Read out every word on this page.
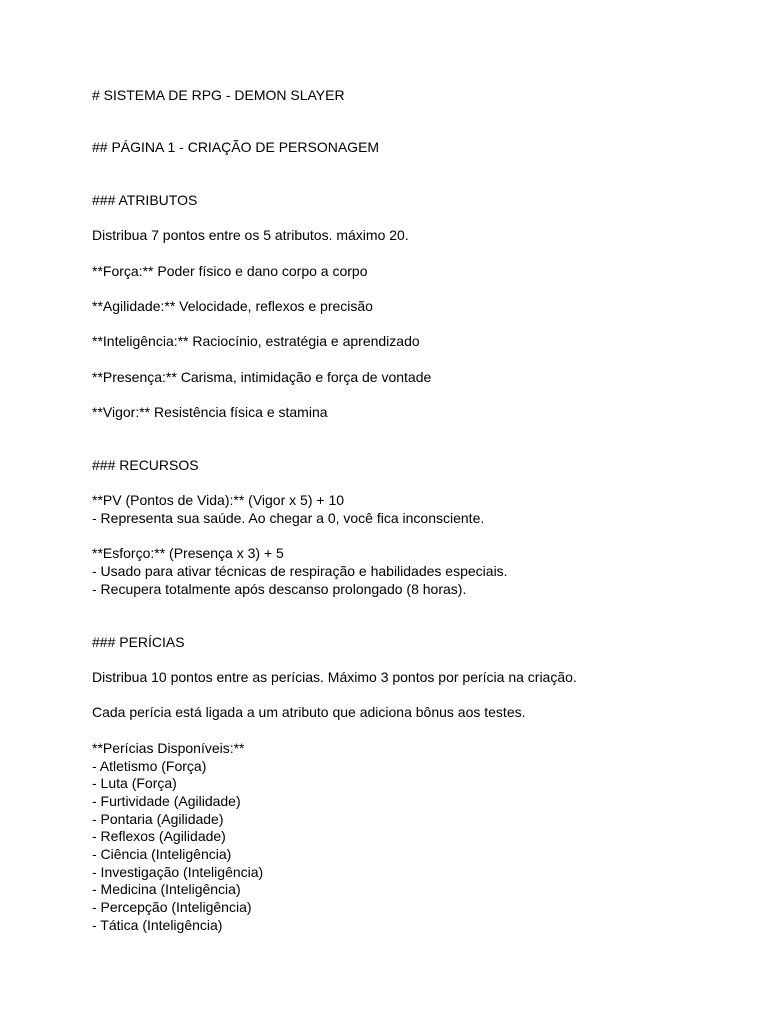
# SISTEMA DE RPG - DEMON SLAYER

## PÁGINA 1 - CRIAÇÃO DE PERSONAGEM

### ATRIBUTOS

Distribua 7 pontos entre os 5 atributos. máximo 20.

**Força:** Poder físico e dano corpo a corpo

**Agilidade:** Velocidade, reflexos e precisão

**Inteligência:** Raciocínio, estratégia e aprendizado

**Presença:** Carisma, intimidação e força de vontade

**Vigor:** Resistência física e stamina

### RECURSOS

**PV (Pontos de Vida):** (Vigor x 5) + 10

- Representa sua saúde. Ao chegar a 0, você fica inconsciente.

**Esforço:** (Presença x 3) + 5

- Usado para ativar técnicas de respiração e habilidades especiais.

- Recupera totalmente após descanso prolongado (8 horas).

### PERÍCIAS

Distribua 10 pontos entre as perícias. Máximo 3 pontos por perícia na criação.

Cada perícia está ligada a um atributo que adiciona bônus aos testes.

**Perícias Disponíveis:**

- Atletismo (Força)

- Luta (Força)

- Furtividade (Agilidade)

- Pontaria (Agilidade)

- Reflexos (Agilidade)

- Ciência (Inteligência)

- Investigação (Inteligência)

- Medicina (Inteligência)

- Percepção (Inteligência)

- Tática (Inteligência)
